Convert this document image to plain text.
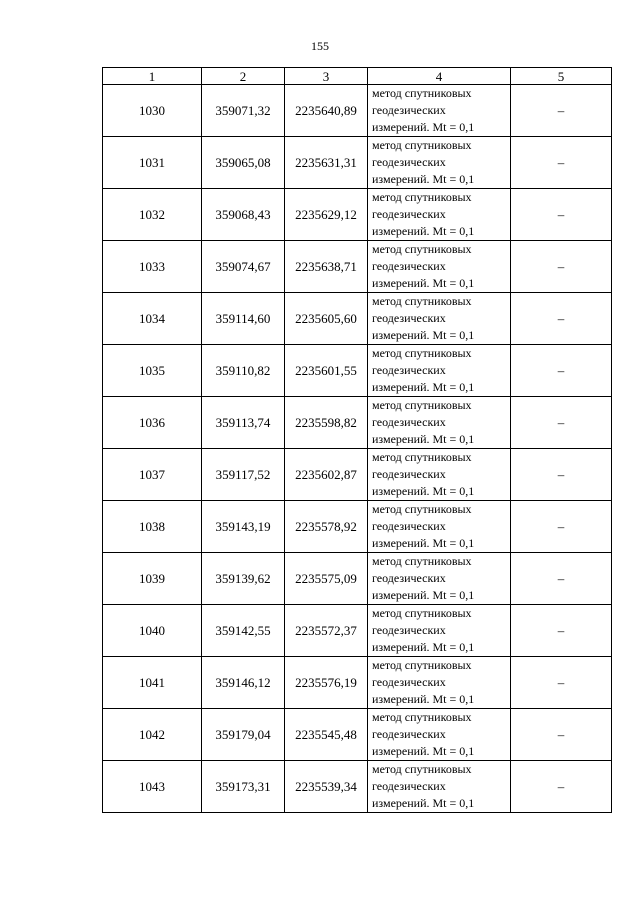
155
1	2	3	4	5
1030	359071,32	2235640,89	метод спутниковых
геодезических
измерений. Mt = 0,1	–
1031	359065,08	2235631,31	метод спутниковых
геодезических
измерений. Mt = 0,1	–
1032	359068,43	2235629,12	метод спутниковых
геодезических
измерений. Mt = 0,1	–
1033	359074,67	2235638,71	метод спутниковых
геодезических
измерений. Mt = 0,1	–
1034	359114,60	2235605,60	метод спутниковых
геодезических
измерений. Mt = 0,1	–
1035	359110,82	2235601,55	метод спутниковых
геодезических
измерений. Mt = 0,1	–
1036	359113,74	2235598,82	метод спутниковых
геодезических
измерений. Mt = 0,1	–
1037	359117,52	2235602,87	метод спутниковых
геодезических
измерений. Mt = 0,1	–
1038	359143,19	2235578,92	метод спутниковых
геодезических
измерений. Mt = 0,1	–
1039	359139,62	2235575,09	метод спутниковых
геодезических
измерений. Mt = 0,1	–
1040	359142,55	2235572,37	метод спутниковых
геодезических
измерений. Mt = 0,1	–
1041	359146,12	2235576,19	метод спутниковых
геодезических
измерений. Mt = 0,1	–
1042	359179,04	2235545,48	метод спутниковых
геодезических
измерений. Mt = 0,1	–
1043	359173,31	2235539,34	метод спутниковых
геодезических
измерений. Mt = 0,1	–
